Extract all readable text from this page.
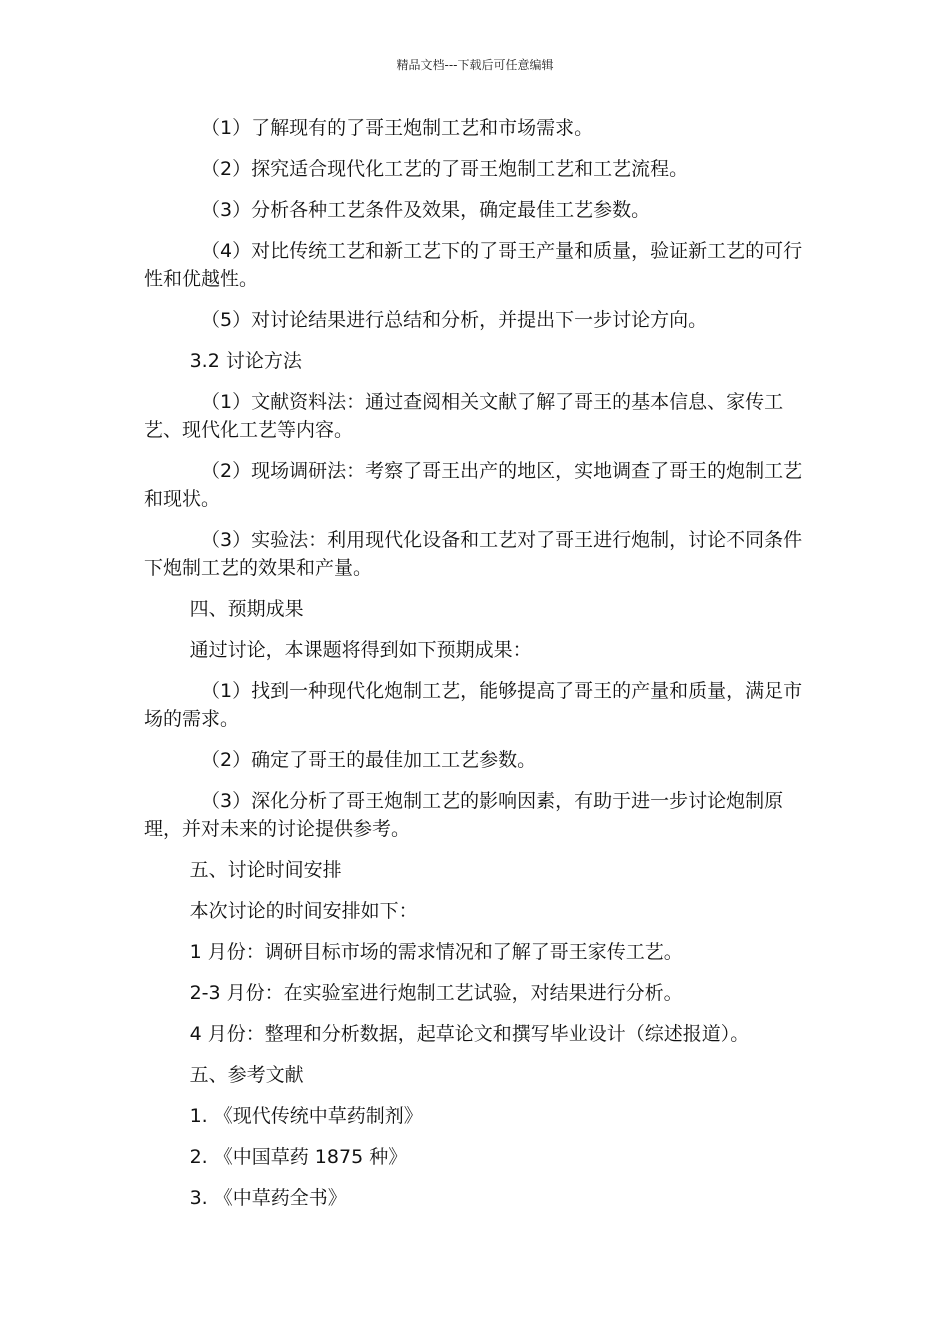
精品文档---下载后可任意编辑

（1）了解现有的了哥王炮制工艺和市场需求。

（2）探究适合现代化工艺的了哥王炮制工艺和工艺流程。

（3）分析各种工艺条件及效果，确定最佳工艺参数。

（4）对比传统工艺和新工艺下的了哥王产量和质量，验证新工艺的可行性和优越性。

（5）对讨论结果进行总结和分析，并提出下一步讨论方向。

3.2 讨论方法

（1）文献资料法：通过查阅相关文献了解了哥王的基本信息、家传工艺、现代化工艺等内容。

（2）现场调研法：考察了哥王出产的地区，实地调查了哥王的炮制工艺和现状。

（3）实验法：利用现代化设备和工艺对了哥王进行炮制，讨论不同条件下炮制工艺的效果和产量。

四、预期成果

通过讨论，本课题将得到如下预期成果：

（1）找到一种现代化炮制工艺，能够提高了哥王的产量和质量，满足市场的需求。

（2）确定了哥王的最佳加工工艺参数。

（3）深化分析了哥王炮制工艺的影响因素，有助于进一步讨论炮制原理，并对未来的讨论提供参考。

五、讨论时间安排

本次讨论的时间安排如下：

1 月份：调研目标市场的需求情况和了解了哥王家传工艺。

2-3 月份：在实验室进行炮制工艺试验，对结果进行分析。

4 月份：整理和分析数据，起草论文和撰写毕业设计（综述报道）。

五、参考文献

1. 《现代传统中草药制剂》

2. 《中国草药 1875 种》

3. 《中草药全书》
